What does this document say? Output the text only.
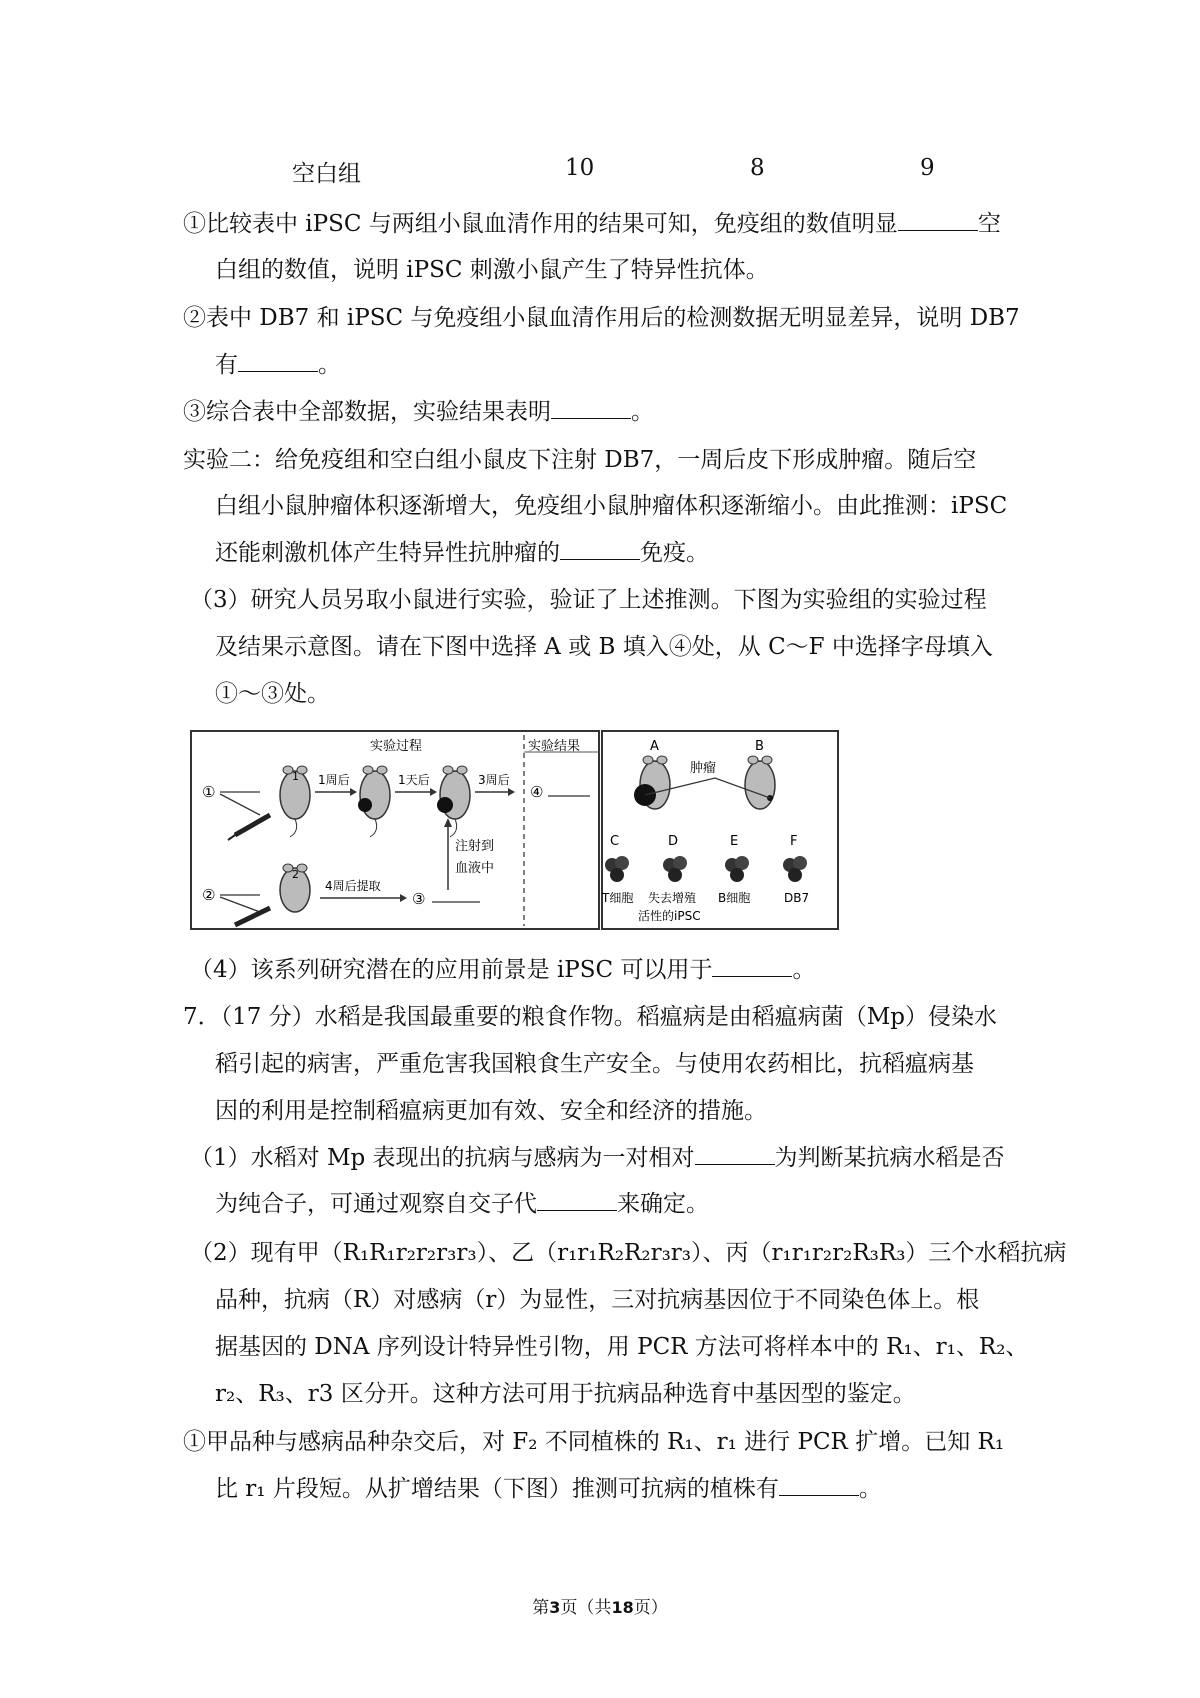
空白组	10	8	9
①比较表中 iPSC 与两组小鼠血清作用的结果可知，免疫组的数值明显	空
白组的数值，说明 iPSC 刺激小鼠产生了特异性抗体。
②表中 DB7 和 iPSC 与免疫组小鼠血清作用后的检测数据无明显差异，说明 DB7
有	。
③综合表中全部数据，实验结果表明	。
实验二：给免疫组和空白组小鼠皮下注射 DB7，一周后皮下形成肿瘤。随后空
白组小鼠肿瘤体积逐渐增大，免疫组小鼠肿瘤体积逐渐缩小。由此推测：iPSC
还能刺激机体产生特异性抗肿瘤的	免疫。
（3）研究人员另取小鼠进行实验，验证了上述推测。下图为实验组的实验过程
及结果示意图。请在下图中选择 A 或 B 填入④处，从 C～F 中选择字母填入
①～③处。
实验过程	实验结果
①
1 1周后	1天后	3周后
④
注射到
血液中
②
2
4周后提取
③
A	B
肿瘤
C	D	E	F
T细胞 失去增殖 B细胞	DB7
活性的iPSC
（4）该系列研究潜在的应用前景是 iPSC 可以用于	。
7．（17 分）水稻是我国最重要的粮食作物。稻瘟病是由稻瘟病菌（Mp）侵染水
稻引起的病害，严重危害我国粮食生产安全。与使用农药相比，抗稻瘟病基
因的利用是控制稻瘟病更加有效、安全和经济的措施。
（1）水稻对 Mp 表现出的抗病与感病为一对相对	为判断某抗病水稻是否
为纯合子，可通过观察自交子代	来确定。
（2）现有甲（R₁R₁r₂r₂r₃r₃）、乙（r₁r₁R₂R₂r₃r₃）、丙（r₁r₁r₂r₂R₃R₃）三个水稻抗病
品种，抗病（R）对感病（r）为显性，三对抗病基因位于不同染色体上。根
据基因的 DNA 序列设计特异性引物，用 PCR 方法可将样本中的 R₁、r₁、R₂、
r₂、R₃、r3 区分开。这种方法可用于抗病品种选育中基因型的鉴定。
①甲品种与感病品种杂交后，对 F₂ 不同植株的 R₁、r₁ 进行 PCR 扩增。已知 R₁
比 r₁ 片段短。从扩增结果（下图）推测可抗病的植株有	。
第3页（共18页）
